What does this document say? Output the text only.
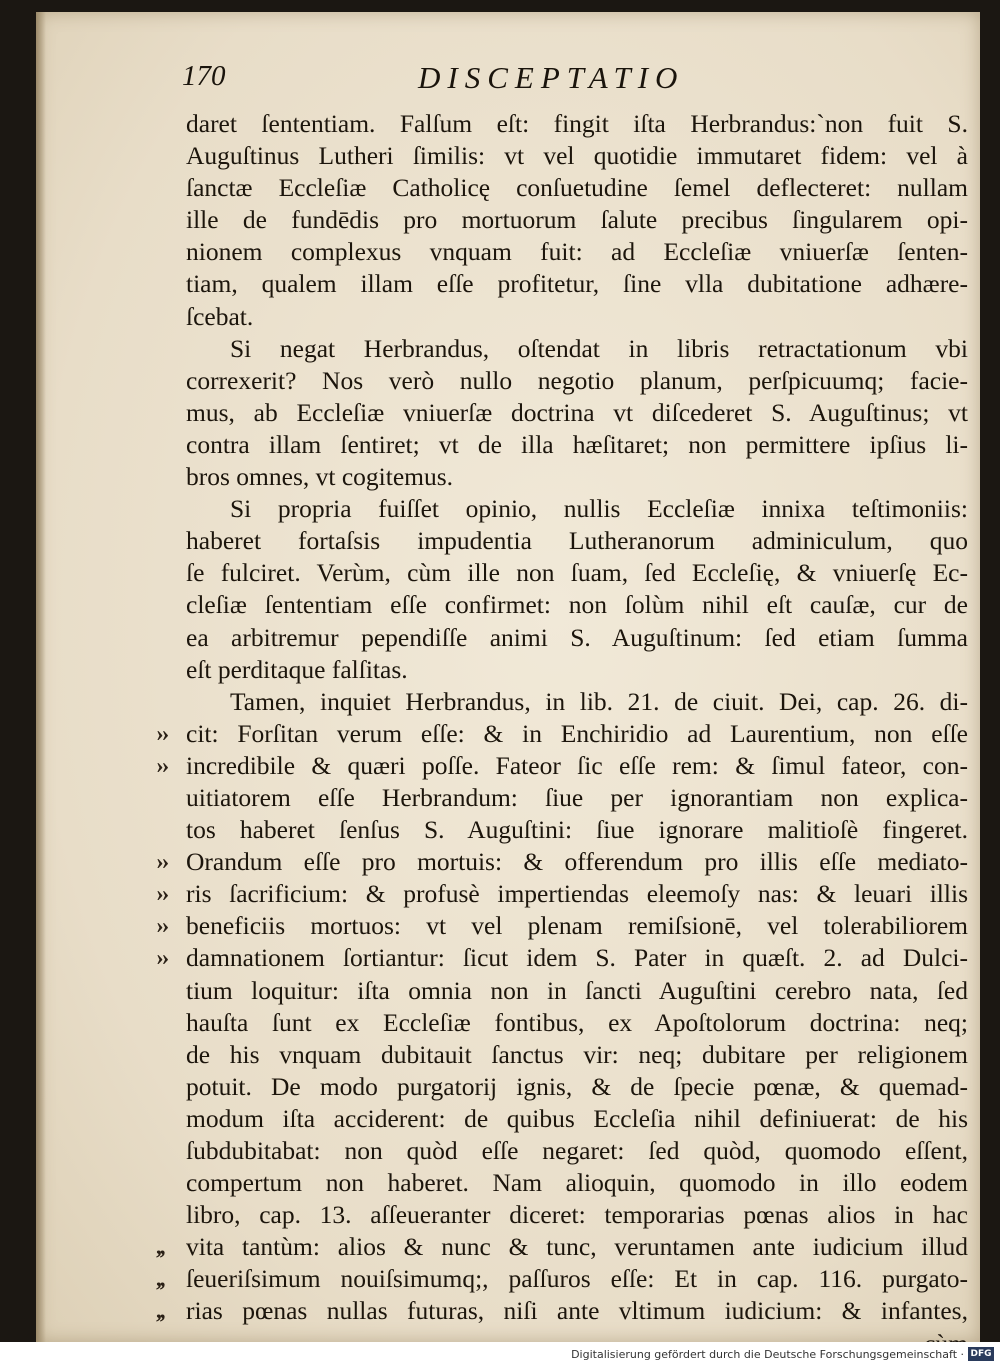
170	DISCEPTATIO
daret ſententiam. Falſum eſt: fingit iſta Herbrandus:`non fuit S.
Auguſtinus Lutheri ſimilis: vt vel quotidie immutaret fidem: vel à
ſanctæ Eccleſiæ Catholicę conſuetudine ſemel deflecteret: nullam
ille de fundēdis pro mortuorum ſalute precibus ſingularem opi-
nionem complexus vnquam fuit: ad Eccleſiæ vniuerſæ ſenten-
tiam, qualem illam eſſe profitetur, ſine vlla dubitatione adhære-
ſcebat.
Si negat Herbrandus, oſtendat in libris retractationum vbi
correxerit? Nos verò nullo negotio planum, perſpicuumq; facie-
mus, ab Eccleſiæ vniuerſæ doctrina vt diſcederet S. Auguſtinus; vt
contra illam ſentiret; vt de illa hæſitaret; non permittere ipſius li-
bros omnes, vt cogitemus.
Si propria fuiſſet opinio, nullis Eccleſiæ innixa teſtimoniis:
haberet fortaſsis impudentia Lutheranorum adminiculum, quo
ſe fulciret. Verùm, cùm ille non ſuam, ſed Eccleſię, & vniuerſę Ec-
cleſiæ ſententiam eſſe confirmet: non ſolùm nihil eſt cauſæ, cur de
ea arbitremur pependiſſe animi S. Auguſtinum: ſed etiam ſumma
eſt perditaque falſitas.
Tamen, inquiet Herbrandus, in lib. 21. de ciuit. Dei, cap. 26. di-
›› cit: Forſitan verum eſſe: & in Enchiridio ad Laurentium, non eſſe
›› incredibile & quæri poſſe. Fateor ſic eſſe rem: & ſimul fateor, con-
uitiatorem eſſe Herbrandum: ſiue per ignorantiam non explica-
tos haberet ſenſus S. Auguſtini: ſiue ignorare malitioſè fingeret.
›› Orandum eſſe pro mortuis: & offerendum pro illis eſſe mediato-
›› ris ſacrificium: & profusè impertiendas eleemoſy nas: & leuari illis
›› beneficiis mortuos: vt vel plenam remiſsionē, vel tolerabiliorem
›› damnationem ſortiantur: ſicut idem S. Pater in quæſt. 2. ad Dulci-
tium loquitur: iſta omnia non in ſancti Auguſtini cerebro nata, ſed
hauſta ſunt ex Eccleſiæ fontibus, ex Apoſtolorum doctrina: neq;
de his vnquam dubitauit ſanctus vir: neq; dubitare per religionem
potuit. De modo purgatorij ignis, & de ſpecie pœnæ, & quemad-
modum iſta acciderent: de quibus Eccleſia nihil definiuerat: de his
ſubdubitabat: non quòd eſſe negaret: ſed quòd, quomodo eſſent,
compertum non haberet. Nam alioquin, quomodo in illo eodem
libro, cap. 13. aſſeueranter diceret: temporarias pœnas alios in hac
,, vita tantùm: alios & nunc & tunc, veruntamen ante iudicium illud
,, ſeueriſsimum nouiſsimumq;, paſſuros eſſe: Et in cap. 116. purgato-
,, rias pœnas nullas futuras, niſi ante vltimum iudicium: & infantes,
Digitalisierung gefördert durch die Deutsche Forschungsgemeinschaft · DFG
